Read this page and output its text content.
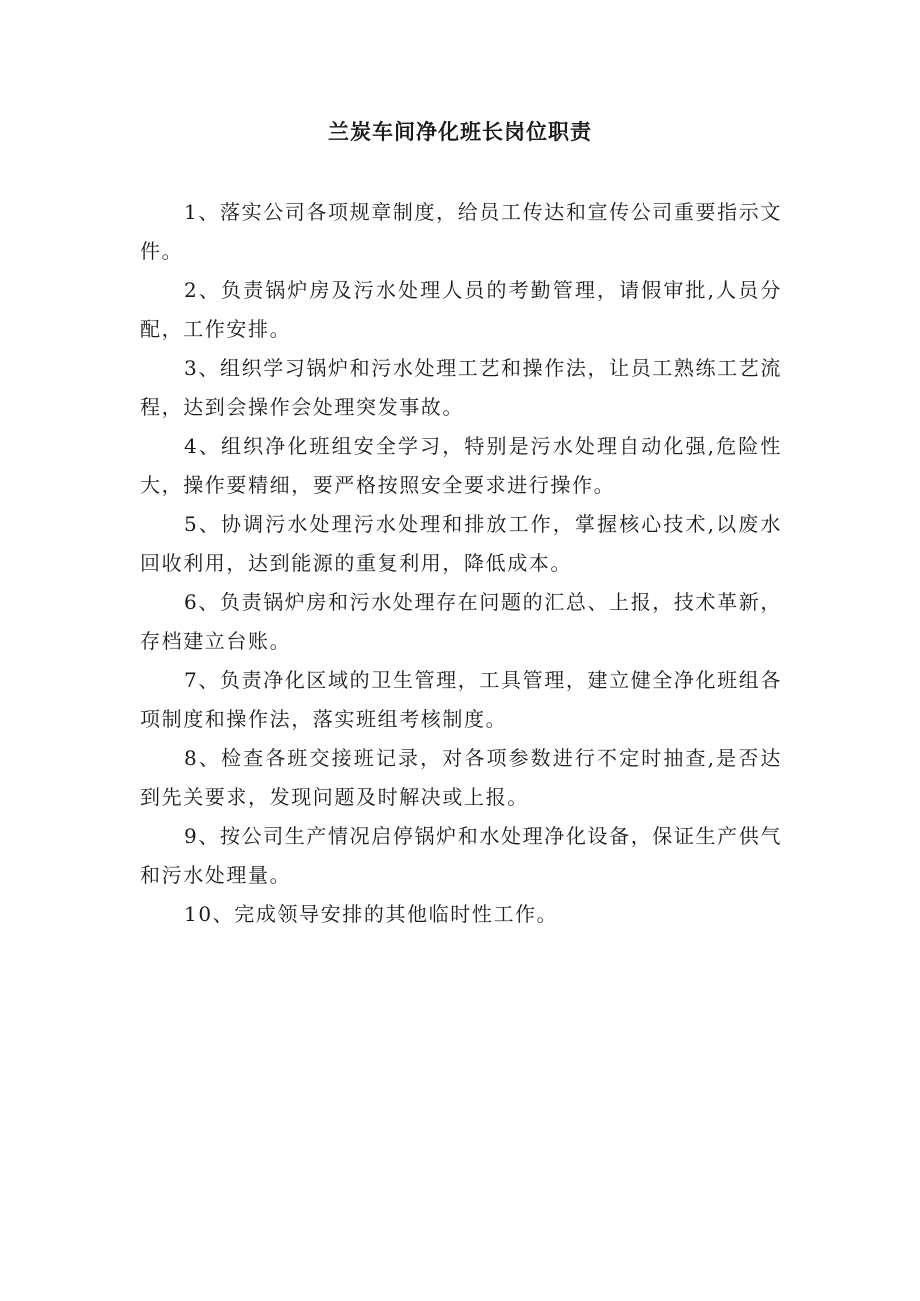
兰炭车间净化班长岗位职责

1、落实公司各项规章制度，给员工传达和宣传公司重要指示文件。

2、负责锅炉房及污水处理人员的考勤管理，请假审批,人员分配，工作安排。

3、组织学习锅炉和污水处理工艺和操作法，让员工熟练工艺流程，达到会操作会处理突发事故。

4、组织净化班组安全学习，特别是污水处理自动化强,危险性大，操作要精细，要严格按照安全要求进行操作。

5、协调污水处理污水处理和排放工作，掌握核心技术,以废水回收利用，达到能源的重复利用，降低成本。

6、负责锅炉房和污水处理存在问题的汇总、上报，技术革新，存档建立台账。

7、负责净化区域的卫生管理，工具管理，建立健全净化班组各项制度和操作法，落实班组考核制度。

8、检查各班交接班记录，对各项参数进行不定时抽查,是否达到先关要求，发现问题及时解决或上报。

9、按公司生产情况启停锅炉和水处理净化设备，保证生产供气和污水处理量。

10、完成领导安排的其他临时性工作。
